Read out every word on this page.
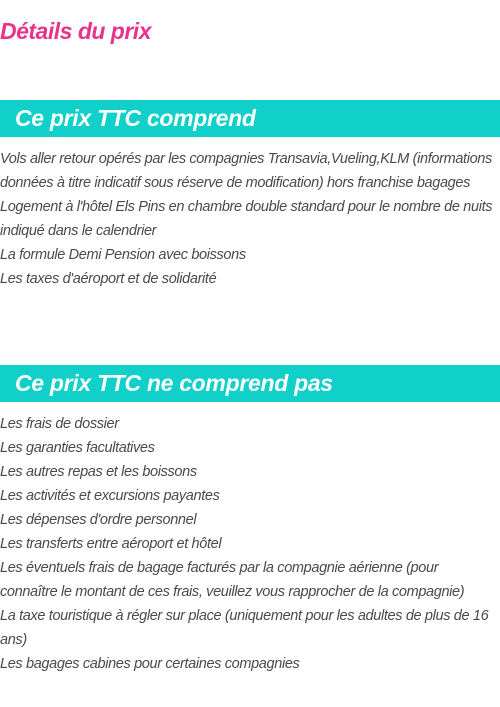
Détails du prix
Ce prix TTC comprend
Vols aller retour opérés par les compagnies Transavia,Vueling,KLM (informations données à titre indicatif sous réserve de modification) hors franchise bagages
Logement à l'hôtel Els Pins en chambre double standard pour le nombre de nuits indiqué dans le calendrier
La formule Demi Pension avec boissons
Les taxes d'aéroport et de solidarité
Ce prix TTC ne comprend pas
Les frais de dossier
Les garanties facultatives
Les autres repas et les boissons
Les activités et excursions payantes
Les dépenses d'ordre personnel
Les transferts entre aéroport et hôtel
Les éventuels frais de bagage facturés par la compagnie aérienne (pour connaître le montant de ces frais, veuillez vous rapprocher de la compagnie)
La taxe touristique à régler sur place (uniquement pour les adultes de plus de 16 ans)
Les bagages cabines pour certaines compagnies
